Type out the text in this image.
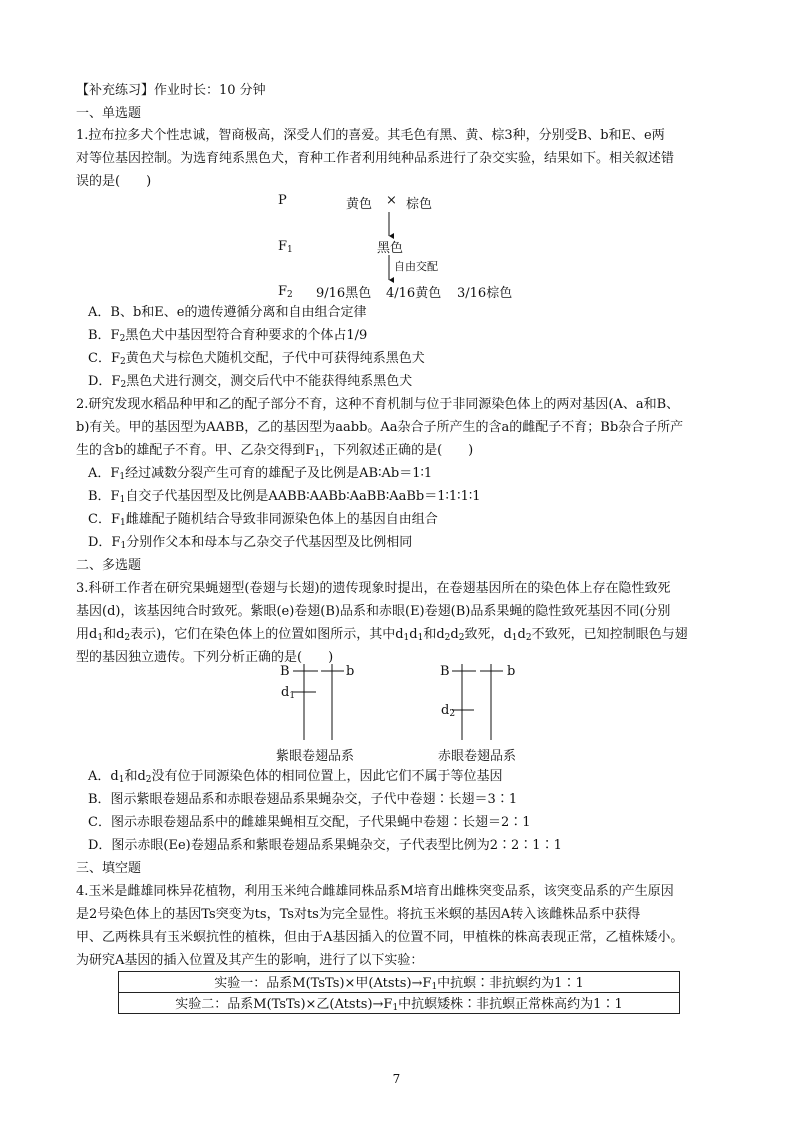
【补充练习】作业时长：10 分钟
一、单选题
1.拉布拉多犬个性忠诚，智商极高，深受人们的喜爱。其毛色有黑、黄、棕3种，分别受B、b和E、e两
对等位基因控制。为选育纯系黑色犬，育种工作者利用纯种品系进行了杂交实验，结果如下。相关叙述错
误的是(　　)
P	黄色 × 棕色
$F_1$	黑色
自由交配
$F_2$ 9/16黑色 4/16黄色 3/16棕色
A．B、b和E、e的遗传遵循分离和自由组合定律
B．$F_2$黑色犬中基因型符合育种要求的个体占1/9
C．$F_2$黄色犬与棕色犬随机交配，子代中可获得纯系黑色犬
D．$F_2$黑色犬进行测交，测交后代中不能获得纯系黑色犬
2.研究发现水稻品种甲和乙的配子部分不育，这种不育机制与位于非同源染色体上的两对基因(A、a和B、
b)有关。甲的基因型为AABB，乙的基因型为aabb。Aa杂合子所产生的含a的雌配子不育；Bb杂合子所产
生的含b的雄配子不育。甲、乙杂交得到$F_1$，下列叙述正确的是(　　)
A．$F_1$经过减数分裂产生可育的雄配子及比例是AB∶Ab＝1∶1
B．$F_1$自交子代基因型及比例是AABB∶AABb∶AaBB∶AaBb＝1∶1∶1∶1
C．$F_1$雌雄配子随机结合导致非同源染色体上的基因自由组合
D．$F_1$分别作父本和母本与乙杂交子代基因型及比例相同
二、多选题
3.科研工作者在研究果蝇翅型(卷翅与长翅)的遗传现象时提出，在卷翅基因所在的染色体上存在隐性致死
基因(d)，该基因纯合时致死。紫眼(e)卷翅(B)品系和赤眼(E)卷翅(B)品系果蝇的隐性致死基因不同(分别
用$d_1$和$d_2$表示)，它们在染色体上的位置如图所示，其中$d_1d_1$和$d_2d_2$致死，$d_1d_2$不致死，已知控制眼色与翅
型的基因独立遗传。下列分析正确的是(　　)
B	b
$d_1$
紫眼卷翅品系
B	b
$d_2$
赤眼卷翅品系
A．$d_1$和$d_2$没有位于同源染色体的相同位置上，因此它们不属于等位基因
B．图示紫眼卷翅品系和赤眼卷翅品系果蝇杂交，子代中卷翅∶长翅＝3∶1
C．图示赤眼卷翅品系中的雌雄果蝇相互交配，子代果蝇中卷翅∶长翅＝2∶1
D．图示赤眼(Ee)卷翅品系和紫眼卷翅品系果蝇杂交，子代表型比例为2∶2∶1∶1
三、填空题
4.玉米是雌雄同株异花植物，利用玉米纯合雌雄同株品系M培育出雌株突变品系，该突变品系的产生原因
是2号染色体上的基因Ts突变为ts，Ts对ts为完全显性。将抗玉米螟的基因A转入该雌株品系中获得
甲、乙两株具有玉米螟抗性的植株，但由于A基因插入的位置不同，甲植株的株高表现正常，乙植株矮小。
为研究A基因的插入位置及其产生的影响，进行了以下实验：
实验一：品系M(TsTs)×甲$(Atsts)\to F_1$中抗螟∶非抗螟约为1∶1
实验二：品系M(TsTs)×乙$(Atsts)\to F_1$中抗螟矮株∶非抗螟正常株高约为1∶1
7
